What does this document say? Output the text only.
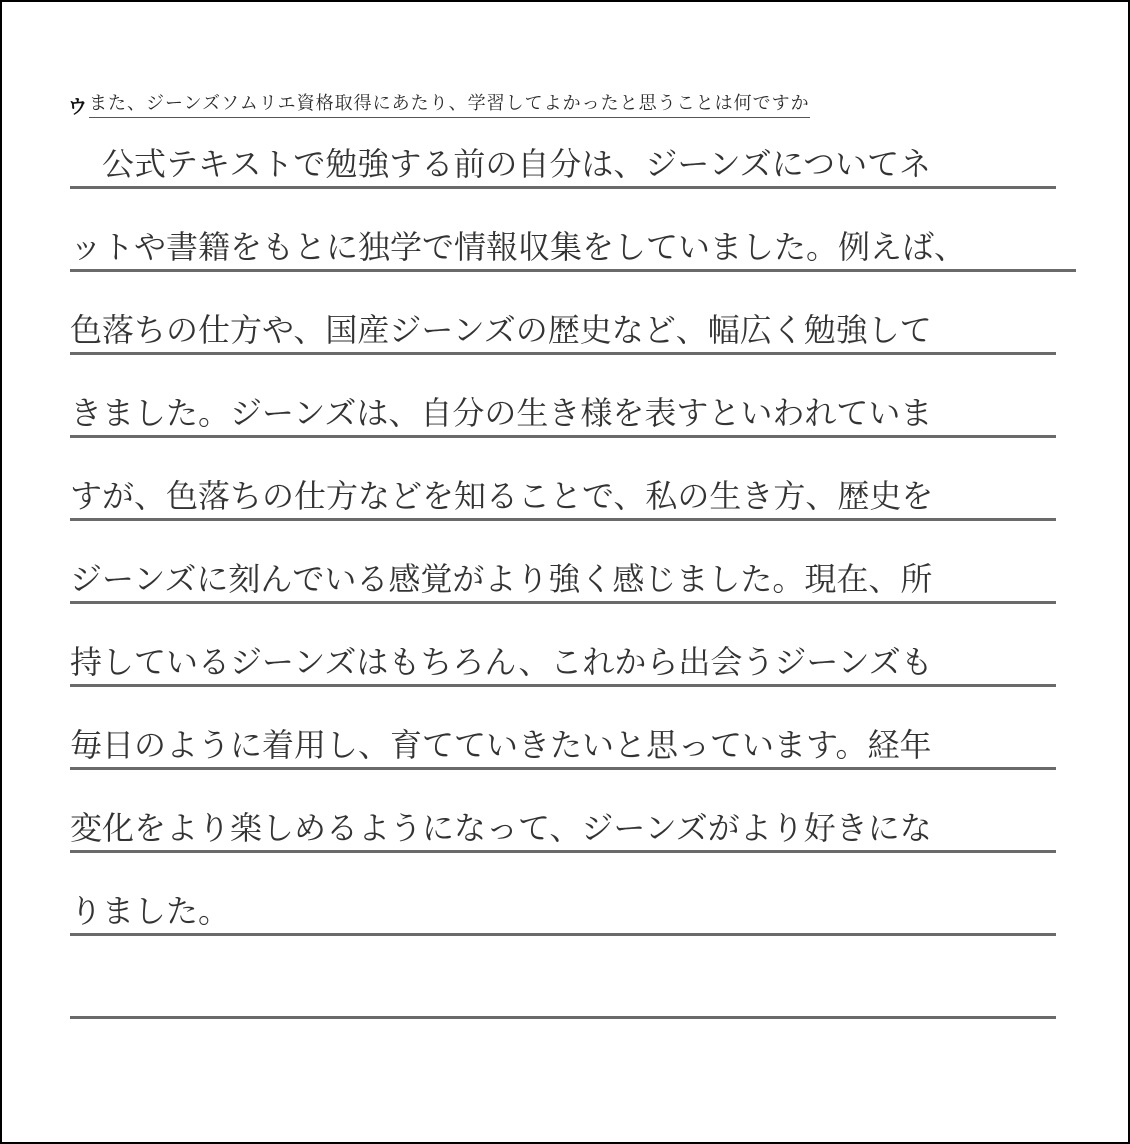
ウ また、ジーンズソムリエ資格取得にあたり、学習してよかったと思うことは何ですか
　公式テキストで勉強する前の自分は、ジーンズについてネ
ットや書籍をもとに独学で情報収集をしていました。例えば、
色落ちの仕方や、国産ジーンズの歴史など、幅広く勉強して
きました。ジーンズは、自分の生き様を表すといわれていま
すが、色落ちの仕方などを知ることで、私の生き方、歴史を
ジーンズに刻んでいる感覚がより強く感じました。現在、所
持しているジーンズはもちろん、これから出会うジーンズも
毎日のように着用し、育てていきたいと思っています。経年
変化をより楽しめるようになって、ジーンズがより好きにな
りました。
